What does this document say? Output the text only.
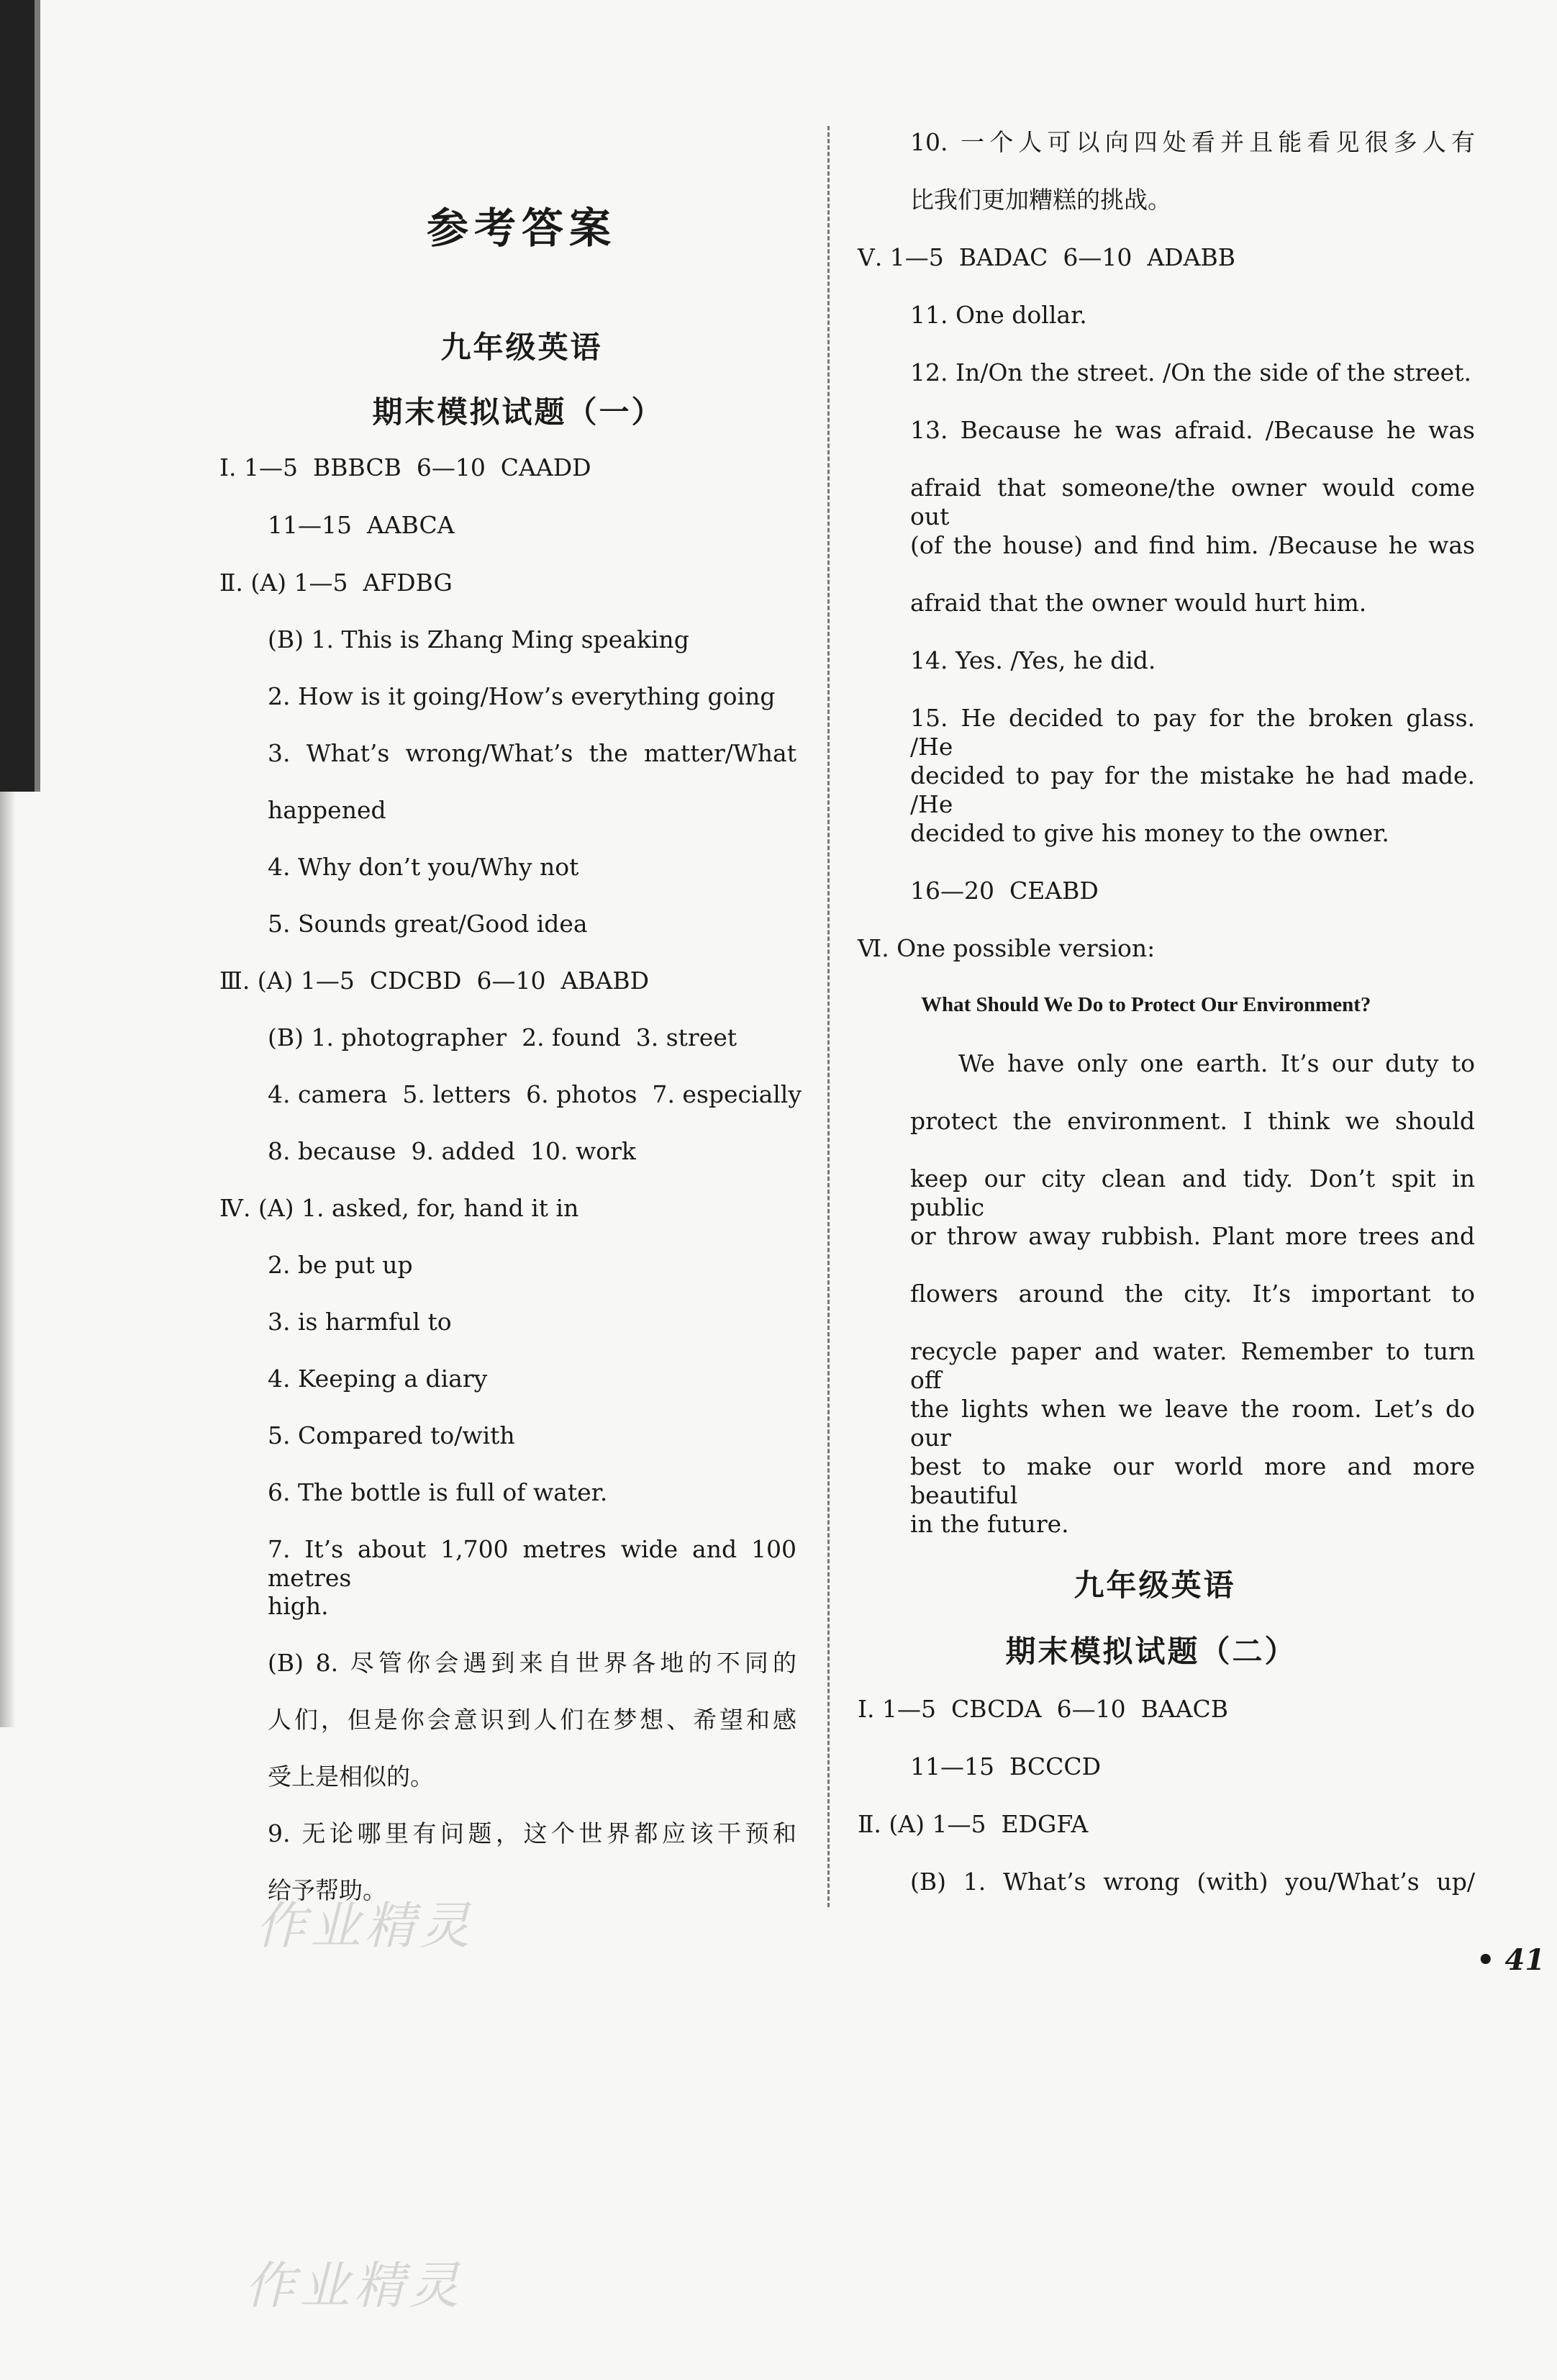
参考答案
九年级英语
期末模拟试题（一）
Ⅰ. 1—5  BBBCB  6—10  CAADD
11—15  AABCA
Ⅱ. (A) 1—5  AFDBG
(B) 1. This is Zhang Ming speaking
2. How is it going/How’s everything going
3. What’s wrong/What’s the matter/What
happened
4. Why don’t you/Why not
5. Sounds great/Good idea
Ⅲ. (A) 1—5  CDCBD  6—10  ABABD
(B) 1. photographer  2. found  3. street
4. camera  5. letters  6. photos  7. especially
8. because  9. added  10. work
Ⅳ. (A) 1. asked, for, hand it in
2. be put up
3. is harmful to
4. Keeping a diary
5. Compared to/with
6. The bottle is full of water.
7. It’s about 1,700 metres wide and 100 metres
high.
(B) 8. 尽管你会遇到来自世界各地的不同的
人们，但是你会意识到人们在梦想、希望和感
受上是相似的。
9. 无论哪里有问题，这个世界都应该干预和
给予帮助。
10. 一个人可以向四处看并且能看见很多人有
比我们更加糟糕的挑战。
Ⅴ. 1—5  BADAC  6—10  ADABB
11. One dollar.
12. In/On the street. /On the side of the street.
13. Because he was afraid. /Because he was
afraid that someone/the owner would come out
(of the house) and find him. /Because he was
afraid that the owner would hurt him.
14. Yes. /Yes, he did.
15. He decided to pay for the broken glass. /He
decided to pay for the mistake he had made. /He
decided to give his money to the owner.
16—20  CEABD
Ⅵ. One possible version:
What Should We Do to Protect Our Environment?
We have only one earth. It’s our duty to
protect the environment. I think we should
keep our city clean and tidy. Don’t spit in public
or throw away rubbish. Plant more trees and
flowers around the city. It’s important to
recycle paper and water. Remember to turn off
the lights when we leave the room. Let’s do our
best to make our world more and more beautiful
in the future.
九年级英语
期末模拟试题（二）
Ⅰ. 1—5  CBCDA  6—10  BAACB
11—15  BCCCD
Ⅱ. (A) 1—5  EDGFA
(B) 1. What’s wrong (with) you/What’s up/
• 41
作业精灵
作业精灵
